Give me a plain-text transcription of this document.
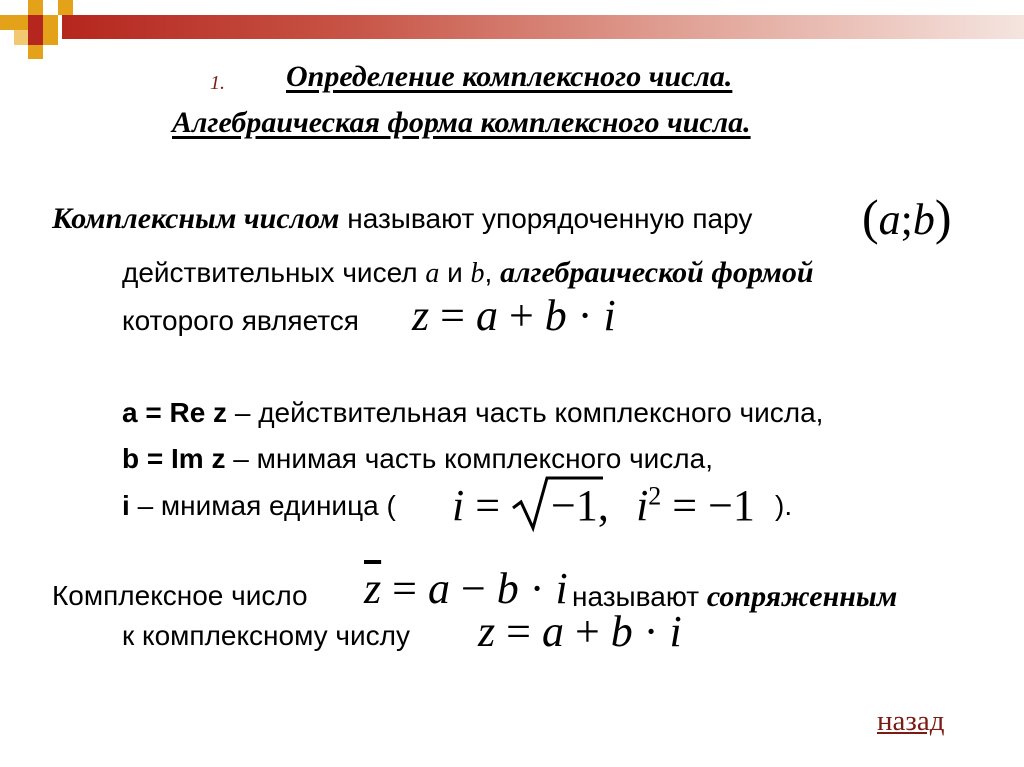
1. Определение комплексного числа.
Алгебраическая форма комплексного числа.
Комплексным числом называют упорядоченную пару (a;b)
действительных чисел a и b, алгебраической формой
которого является z = a + b · i
a = Re z – действительная часть комплексного числа,
b = Im z – мнимая часть комплексного числа,
i – мнимая единица ( i = −1, $i^2 = -1$ ).
Комплексное число $\overline{z} = a - b \cdot i$ называют сопряженным
к комплексному числу z = a + b · i
назад
